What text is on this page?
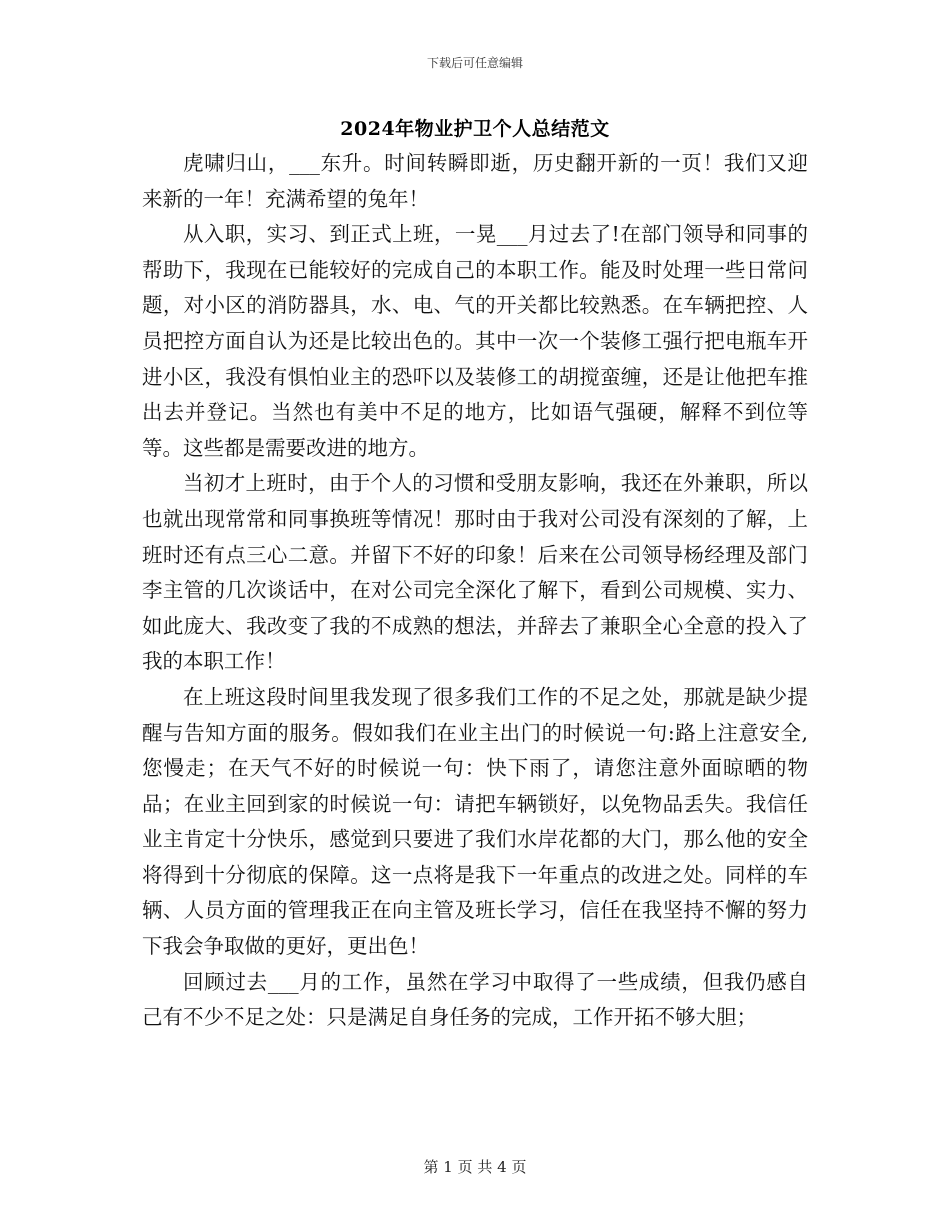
下载后可任意编辑
2024年物业护卫个人总结范文

虎啸归山，___东升。时间转瞬即逝，历史翻开新的一页！我们又迎来新的一年！充满希望的兔年！

从入职，实习、到正式上班，一晃___月过去了!在部门领导和同事的帮助下，我现在已能较好的完成自己的本职工作。能及时处理一些日常问题，对小区的消防器具，水、电、气的开关都比较熟悉。在车辆把控、人员把控方面自认为还是比较出色的。其中一次一个装修工强行把电瓶车开进小区，我没有惧怕业主的恐吓以及装修工的胡搅蛮缠，还是让他把车推出去并登记。当然也有美中不足的地方，比如语气强硬，解释不到位等等。这些都是需要改进的地方。

当初才上班时，由于个人的习惯和受朋友影响，我还在外兼职，所以也就出现常常和同事换班等情况！那时由于我对公司没有深刻的了解，上班时还有点三心二意。并留下不好的印象！后来在公司领导杨经理及部门李主管的几次谈话中，在对公司完全深化了解下，看到公司规模、实力、如此庞大、我改变了我的不成熟的想法，并辞去了兼职全心全意的投入了我的本职工作！

在上班这段时间里我发现了很多我们工作的不足之处，那就是缺少提醒与告知方面的服务。假如我们在业主出门的时候说一句:路上注意安全,您慢走；在天气不好的时候说一句：快下雨了，请您注意外面晾晒的物品；在业主回到家的时候说一句：请把车辆锁好，以免物品丢失。我信任业主肯定十分快乐，感觉到只要进了我们水岸花都的大门，那么他的安全将得到十分彻底的保障。这一点将是我下一年重点的改进之处。同样的车辆、人员方面的管理我正在向主管及班长学习，信任在我坚持不懈的努力下我会争取做的更好，更出色！

回顾过去___月的工作，虽然在学习中取得了一些成绩，但我仍感自己有不少不足之处：只是满足自身任务的完成，工作开拓不够大胆；

第 1 页 共 4 页
